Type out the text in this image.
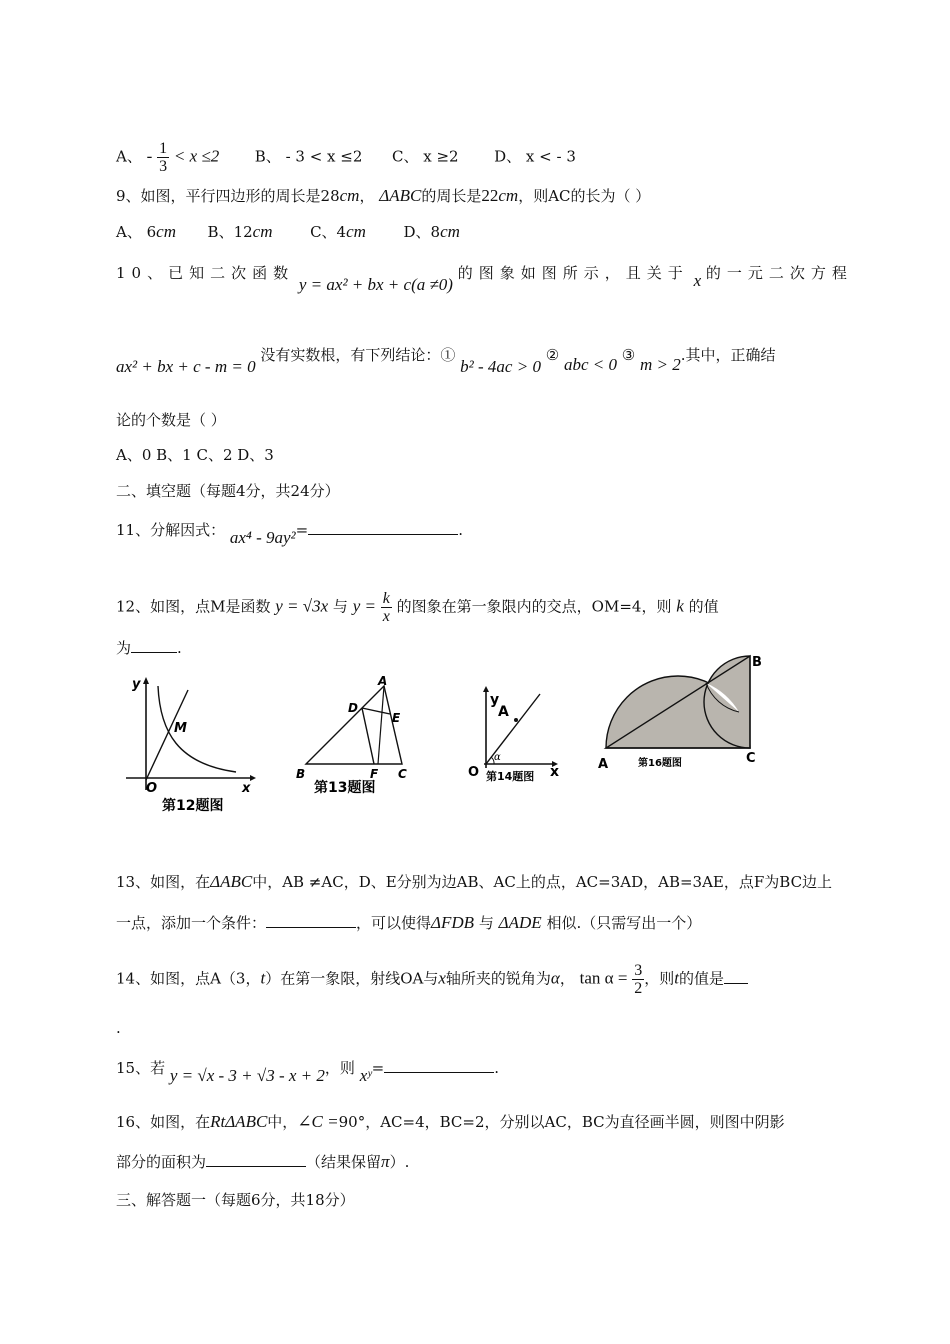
A、 - $\frac{1}{3} < x \le 2$ B、 - 3 < x ≤2 C、 x ≥2 D、 x < - 3
9、如图，平行四边形的周长是28cm， ΔABC的周长是22cm，则AC的长为（ ）
A、 6cm B、12cm	C、4cm	D、8cm
10、已知二次函数 y = ax² + bx + c(a ≠0) 的图象如图所示，且关于 x 的一元二次方程
ax² + bx + c - m = 0 没有实数根，有下列结论：① b² - 4ac > 0 ② abc < 0 ③ m > 2.其中，正确结
论的个数是（ ）
A、0 B、1 C、2 D、3
二、填空题（每题4分，共24分）
11、分解因式： ax⁴ - 9ay²=	.
12、如图，点M是函数 y = √3x 与 $y = \frac{k}{x}$ 的图象在第一象限内的交点，OM=4，则 k 的值
为	.
y
x
O
M
第12题图
A
D
E
B	F C
第13题图
y
A
α
O	x
第14题图
A
B
C
第16题图
13、如图，在ΔABC中，AB ≠AC，D、E分别为边AB、AC上的点，AC=3AD，AB=3AE，点F为BC边上
一点，添加一个条件：	，可以使得ΔFDB 与 ΔADE 相似.（只需写出一个）
14、如图，点A（3，t）在第一象限，射线OA与x轴所夹的锐角为α， $\tan \alpha = \frac{3}{2}$ ，则t的值是
.
15、若 y = √x - 3 + √3 - x + 2，则 xʸ=	.
16、如图，在RtΔABC中，∠C =90°，AC=4，BC=2，分别以AC，BC为直径画半圆，则图中阴影
部分的面积为	（结果保留π）.
三、解答题一（每题6分，共18分）
